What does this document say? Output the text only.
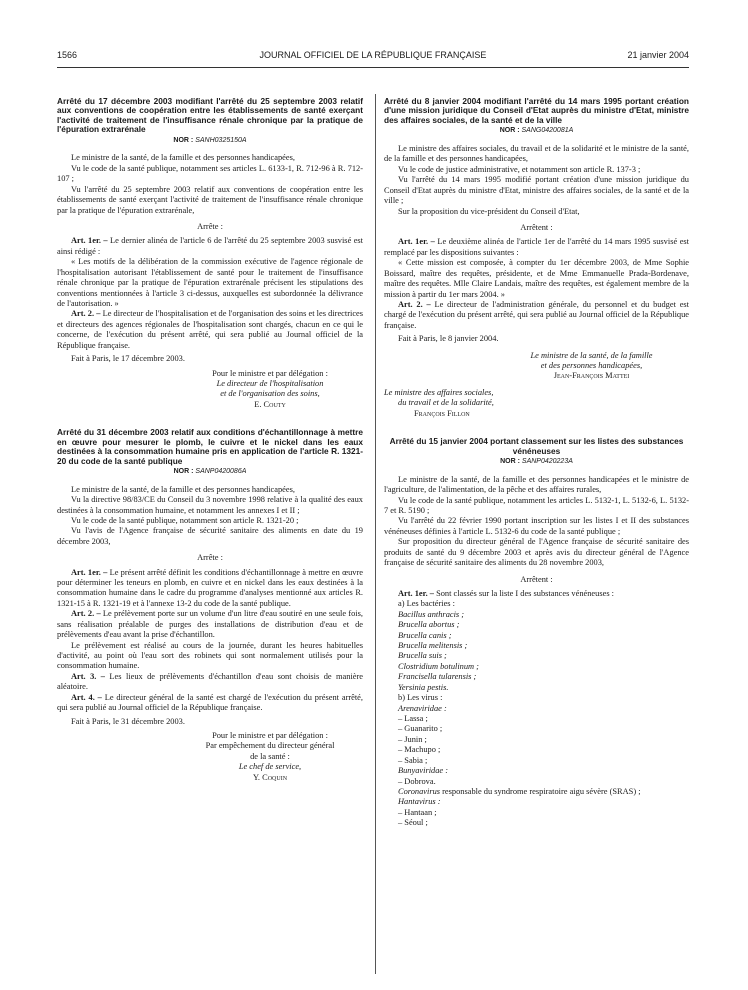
1566	JOURNAL OFFICIEL DE LA RÉPUBLIQUE FRANÇAISE	21 janvier 2004

Arrêté du 17 décembre 2003 modifiant l'arrêté du 25 septembre 2003 relatif aux conventions de coopération entre les établissements de santé exerçant l'activité de traitement de l'insuffisance rénale chronique par la pratique de l'épuration extrarénale

NOR : SANH0325150A

Le ministre de la santé, de la famille et des personnes handicapées,

Vu le code de la santé publique, notamment ses articles L. 6133-1, R. 712-96 à R. 712-107 ;

Vu l'arrêté du 25 septembre 2003 relatif aux conventions de coopération entre les établissements de santé exerçant l'activité de traitement de l'insuffisance rénale chronique par la pratique de l'épuration extrarénale,

Arrête :

Art. 1er. – Le dernier alinéa de l'article 6 de l'arrêté du 25 septembre 2003 susvisé est ainsi rédigé :

« Les motifs de la délibération de la commission exécutive de l'agence régionale de l'hospitalisation autorisant l'établissement de santé pour le traitement de l'insuffisance rénale chronique par la pratique de l'épuration extrarénale précisent les stipulations des conventions mentionnées à l'article 3 ci-dessus, auxquelles est subordonnée la délivrance de l'autorisation. »

Art. 2. – Le directeur de l'hospitalisation et de l'organisation des soins et les directrices et directeurs des agences régionales de l'hospitalisation sont chargés, chacun en ce qui le concerne, de l'exécution du présent arrêté, qui sera publié au Journal officiel de la République française.

Fait à Paris, le 17 décembre 2003.

Pour le ministre et par délégation :
Le directeur de l'hospitalisation
et de l'organisation des soins,
E. Couty

Arrêté du 31 décembre 2003 relatif aux conditions d'échantillonnage à mettre en œuvre pour mesurer le plomb, le cuivre et le nickel dans les eaux destinées à la consommation humaine pris en application de l'article R. 1321-20 du code de la santé publique

NOR : SANP0420086A

Le ministre de la santé, de la famille et des personnes handicapées,

Vu la directive 98/83/CE du Conseil du 3 novembre 1998 relative à la qualité des eaux destinées à la consommation humaine, et notamment les annexes I et II ;

Vu le code de la santé publique, notamment son article R. 1321-20 ;

Vu l'avis de l'Agence française de sécurité sanitaire des aliments en date du 19 décembre 2003,

Arrête :

Art. 1er. – Le présent arrêté définit les conditions d'échantillonnage à mettre en œuvre pour déterminer les teneurs en plomb, en cuivre et en nickel dans les eaux destinées à la consommation humaine dans le cadre du programme d'analyses mentionné aux articles R. 1321-15 à R. 1321-19 et à l'annexe 13-2 du code de la santé publique.

Art. 2. – Le prélèvement porte sur un volume d'un litre d'eau soutiré en une seule fois, sans réalisation préalable de purges des installations de distribution d'eau et de prélèvements d'eau avant la prise d'échantillon.

Le prélèvement est réalisé au cours de la journée, durant les heures habituelles d'activité, au point où l'eau sort des robinets qui sont normalement utilisés pour la consommation humaine.

Art. 3. – Les lieux de prélèvements d'échantillon d'eau sont choisis de manière aléatoire.

Art. 4. – Le directeur général de la santé est chargé de l'exécution du présent arrêté, qui sera publié au Journal officiel de la République française.

Fait à Paris, le 31 décembre 2003.

Pour le ministre et par délégation :
Par empêchement du directeur général
de la santé :
Le chef de service,
Y. Coquin

Arrêté du 8 janvier 2004 modifiant l'arrêté du 14 mars 1995 portant création d'une mission juridique du Conseil d'Etat auprès du ministre d'Etat, ministre des affaires sociales, de la santé et de la ville

NOR : SANG0420081A

Le ministre des affaires sociales, du travail et de la solidarité et le ministre de la santé, de la famille et des personnes handicapées,

Vu le code de justice administrative, et notamment son article R. 137-3 ;

Vu l'arrêté du 14 mars 1995 modifié portant création d'une mission juridique du Conseil d'Etat auprès du ministre d'Etat, ministre des affaires sociales, de la santé et de la ville ;

Sur la proposition du vice-président du Conseil d'Etat,

Arrêtent :

Art. 1er. – Le deuxième alinéa de l'article 1er de l'arrêté du 14 mars 1995 susvisé est remplacé par les dispositions suivantes :

« Cette mission est composée, à compter du 1er décembre 2003, de Mme Sophie Boissard, maître des requêtes, présidente, et de Mme Emmanuelle Prada-Bordenave, maître des requêtes. Mlle Claire Landais, maître des requêtes, est également membre de la mission à partir du 1er mars 2004. »

Art. 2. – Le directeur de l'administration générale, du personnel et du budget est chargé de l'exécution du présent arrêté, qui sera publié au Journal officiel de la République française.

Fait à Paris, le 8 janvier 2004.

Le ministre de la santé, de la famille
et des personnes handicapées,
Jean-François Mattei
Le ministre des affaires sociales,
du travail et de la solidarité,
François Fillon

Arrêté du 15 janvier 2004 portant classement sur les listes des substances vénéneuses

NOR : SANP0420223A

Le ministre de la santé, de la famille et des personnes handicapées et le ministre de l'agriculture, de l'alimentation, de la pêche et des affaires rurales,

Vu le code de la santé publique, notamment les articles L. 5132-1, L. 5132-6, L. 5132-7 et R. 5190 ;

Vu l'arrêté du 22 février 1990 portant inscription sur les listes I et II des substances vénéneuses définies à l'article L. 5132-6 du code de la santé publique ;

Sur proposition du directeur général de l'Agence française de sécurité sanitaire des produits de santé du 9 décembre 2003 et après avis du directeur général de l'Agence française de sécurité sanitaire des aliments du 28 novembre 2003,

Arrêtent :

Art. 1er. – Sont classés sur la liste I des substances vénéneuses :

a) Les bactéries :

Bacillus anthracis ;

Brucella abortus ;

Brucella canis ;

Brucella melitensis ;

Brucella suis ;

Clostridium botulinum ;

Francisella tularensis ;

Yersinia pestis.

b) Les virus :

Arenaviridae :

– Lassa ;

– Guanarito ;

– Junin ;

– Machupo ;

– Sabia ;

Bunyaviridae :

– Dobrova.

Coronavirus responsable du syndrome respiratoire aigu sévère (SRAS) ;

Hantavirus :

– Hantaan ;

– Séoul ;
